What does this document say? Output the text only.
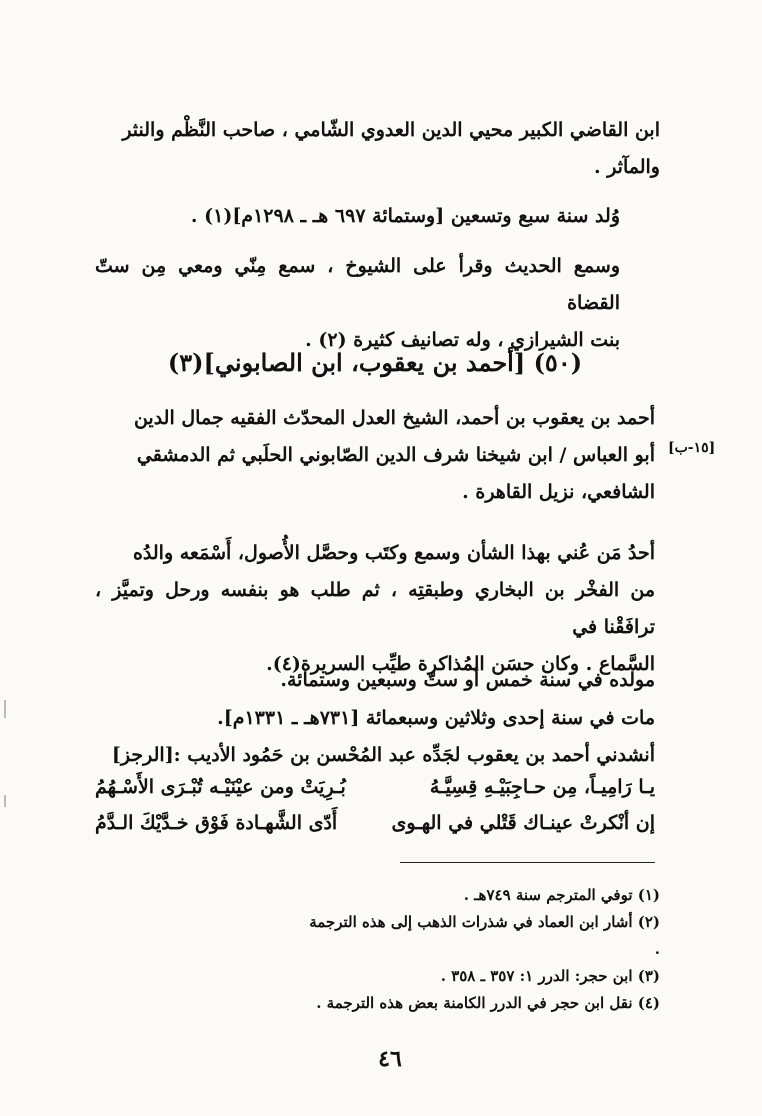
ابن القاضي الكبير محيي الدين العدوي الشّامي ، صاحب النَّظْم والنثر
والمآثر .
وُلد سنة سبع وتسعين [وستمائة ٦٩٧ هـ ـ ١٢٩٨م](١) .
وسمع الحديث وقرأ على الشيوخ ، سمع مِنّي ومعي مِن ستّ القضاة
بنت الشيرازي ، وله تصانيف كثيرة (٢) .
(٥٠) [أحمد بن يعقوب، ابن الصابوني](٣)
[١٥-ب]
أحمد بن يعقوب بن أحمد، الشيخ العدل المحدّث الفقيه جمال الدين
أبو العباس / ابن شيخنا شرف الدين الصّابوني الحلَبي ثم الدمشقي
الشافعي، نزيل القاهرة .
أحدُ مَن عُني بهذا الشأن وسمع وكتَب وحصَّل الأُصول، أَسْمَعه والدُه
من الفخْر بن البخاري وطبقتِه ، ثم طلب هو بنفسه ورحل وتميَّز ، ترافَقْنا في
السَّماع . وكان حسَن المُذاكرة طيِّب السريرة(٤).
مولده في سنة خمس أو ستّ وسبعين وستمائة.
مات في سنة إحدى وثلاثين وسبعمائة [٧٣١هـ ـ ١٣٣١م].
أنشدني أحمد بن يعقوب لجَدِّه عبد المُحْسن بن حَمُود الأديب :[الرجز]
يـا رَامِيـاً، مِن حـاجِبَيْـهِ قِسِيَّـهُ
بُـرِيَتْ ومن عيْنَيْـه تُبْـرَى الأَسْـهُمُ
إن أنْكرتْ عينـاك قَتْلي في الهـوى
أَدّى الشَّهـادة فَوْق خـدَّيْكَ الـدَّمُ
(١) توفي المترجم سنة ٧٤٩هـ .
(٢) أشار ابن العماد في شذرات الذهب إلى هذه الترجمة .
(٣) ابن حجر: الدرر ١: ٣٥٧ ـ ٣٥٨ .
(٤) نقل ابن حجر في الدرر الكامنة بعض هذه الترجمة .
٤٦
